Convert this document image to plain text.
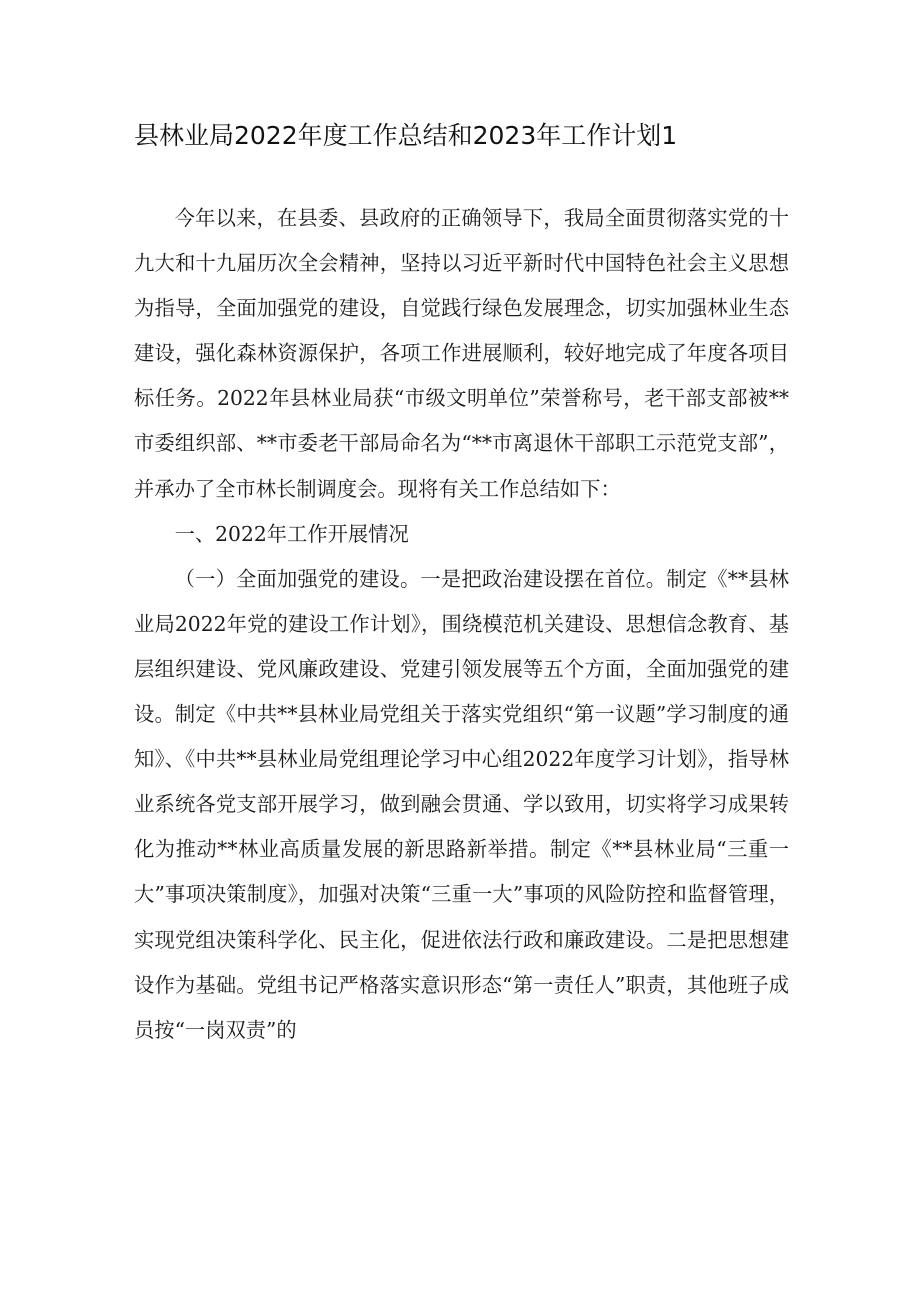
县林业局2022年度工作总结和2023年工作计划1

今年以来，在县委、县政府的正确领导下，我局全面贯彻落实党的十九大和十九届历次全会精神，坚持以习近平新时代中国特色社会主义思想为指导，全面加强党的建设，自觉践行绿色发展理念，切实加强林业生态建设，强化森林资源保护，各项工作进展顺利，较好地完成了年度各项目标任务。2022年县林业局获“市级文明单位”荣誉称号，老干部支部被**市委组织部、**市委老干部局命名为“**市离退休干部职工示范党支部”，并承办了全市林长制调度会。现将有关工作总结如下：

一、2022年工作开展情况

（一）全面加强党的建设。一是把政治建设摆在首位。制定《**县林业局2022年党的建设工作计划》，围绕模范机关建设、思想信念教育、基层组织建设、党风廉政建设、党建引领发展等五个方面，全面加强党的建设。制定《中共**县林业局党组关于落实党组织“第一议题”学习制度的通知》、《中共**县林业局党组理论学习中心组2022年度学习计划》，指导林业系统各党支部开展学习，做到融会贯通、学以致用，切实将学习成果转化为推动**林业高质量发展的新思路新举措。制定《**县林业局“三重一大”事项决策制度》，加强对决策“三重一大”事项的风险防控和监督管理，实现党组决策科学化、民主化，促进依法行政和廉政建设。二是把思想建设作为基础。党组书记严格落实意识形态“第一责任人”职责，其他班子成员按“一岗双责”的
